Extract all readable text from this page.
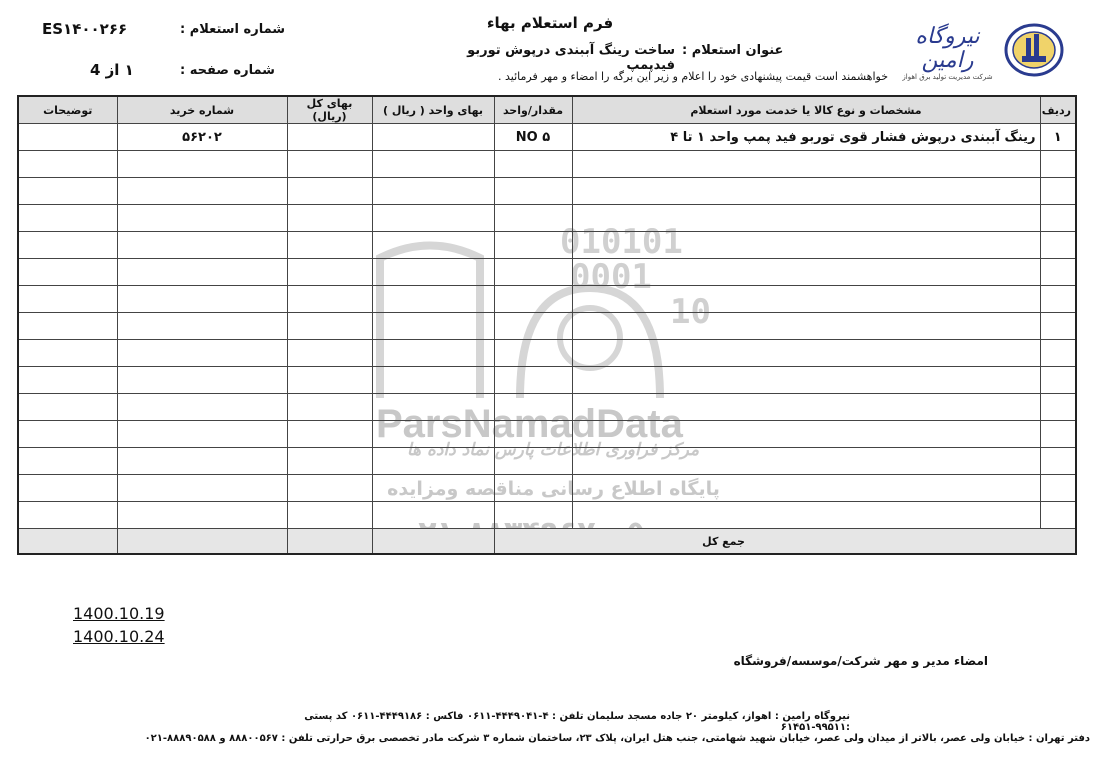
فرم استعلام بهاء
شماره استعلام :
ES۱۴۰۰۲۶۶
شماره صفحه :
۱ از 4
عنوان استعلام :
ساخت رینگ آببندی درپوش توربو فیدپمپ
خواهشمند است قیمت پیشنهادی خود را اعلام و زیر این برگه را امضاء و مهر فرمائید .
نیروگاه رامین
شرکت مدیریت تولید برق اهواز
010101
0001
10
ParsNamadData
مرکز فراوری اطلاعات پارس نماد داده ها
پایگاه اطلاع رسانی مناقصه ومزایده
ردیف	مشخصات و نوع کالا یا خدمت مورد استعلام	مقدار/واحد	بهای واحد ( ریال )	بهای کل (ریال)	شماره خرید	توضیحات
۱	رینگ آببندی درپوش فشار قوی توربو فید پمپ واحد ۱ تا ۴	NO ۵			۵۶۲۰۲	

جمع کل						
1400.10.19
1400.10.24
امضاء مدیر و مهر شرکت/موسسه/فروشگاه
نیروگاه رامین : اهواز، کیلومتر ۲۰ جاده مسجد سلیمان تلفن : ۴-۴۴۴۹۰۴۱-۰۶۱۱ فاکس : ۴۴۴۹۱۸۶-۰۶۱۱ کد پستی :۹۹۵۱۱-۶۱۴۵۱
دفتر تهران : خیابان ولی عصر، بالاتر از میدان ولی عصر، خیابان شهید شهامتی، جنب هتل ایران، پلاک ۲۳، ساختمان شماره ۳ شرکت مادر تخصصی برق حرارتی تلفن : ۸۸۸۰۰۵۶۷ و ۸۸۸۹۰۵۸۸-۰۲۱
